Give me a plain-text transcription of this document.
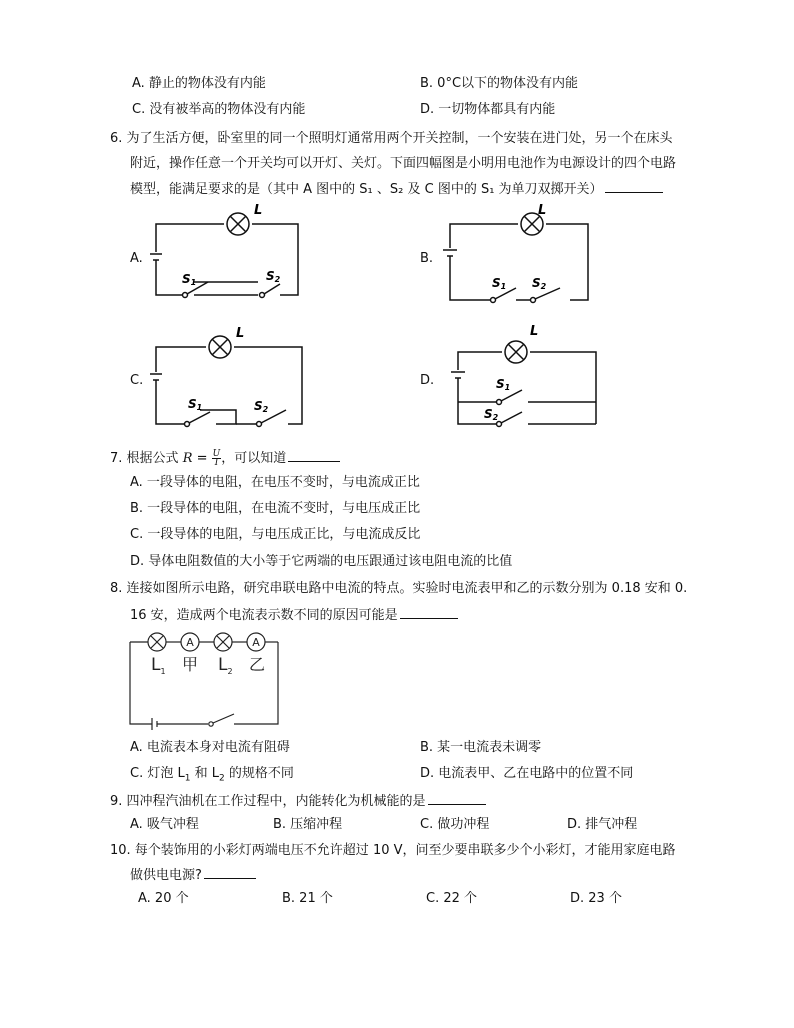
A. 静止的物体没有内能	B. 0°C以下的物体没有内能
C. 没有被举高的物体没有内能	D. 一切物体都具有内能
6. 为了生活方便，卧室里的同一个照明灯通常用两个开关控制，一个安装在进门处，另一个在床头
附近，操作任意一个开关均可以开灯、关灯。下面四幅图是小明用电池作为电源设计的四个电路
模型，能满足要求的是（其中 A 图中的 S₁ 、S₂ 及 C 图中的 S₁ 为单刀双掷开关）
A.
L
S1	S2
B.
L
S1 S2
C.
L
S1	S2
D.
L
S1
S2
7. 根据公式 $R = \frac{U}{I}$ ，可以知道
A. 一段导体的电阻，在电压不变时，与电流成正比
B. 一段导体的电阻，在电流不变时，与电压成正比
C. 一段导体的电阻，与电压成正比，与电流成反比
D. 导体电阻数值的大小等于它两端的电压跟通过该电阻电流的比值
8. 连接如图所示电路，研究串联电路中电流的特点。实验时电流表甲和乙的示数分别为 0.18 安和 0.
16 安，造成两个电流表示数不同的原因可能是
A	A
$L_1$ 甲 $L_2$ 乙
A. 电流表本身对电流有阻碍	B. 某一电流表未调零
C. 灯泡 $L_1$ 和 $L_2$ 的规格不同	D. 电流表甲、乙在电路中的位置不同
9. 四冲程汽油机在工作过程中，内能转化为机械能的是
A. 吸气冲程	B. 压缩冲程	C. 做功冲程	D. 排气冲程
10. 每个装饰用的小彩灯两端电压不允许超过 10 V，问至少要串联多少个小彩灯，才能用家庭电路
做供电电源?
A. 20 个	B. 21 个	C. 22 个	D. 23 个
